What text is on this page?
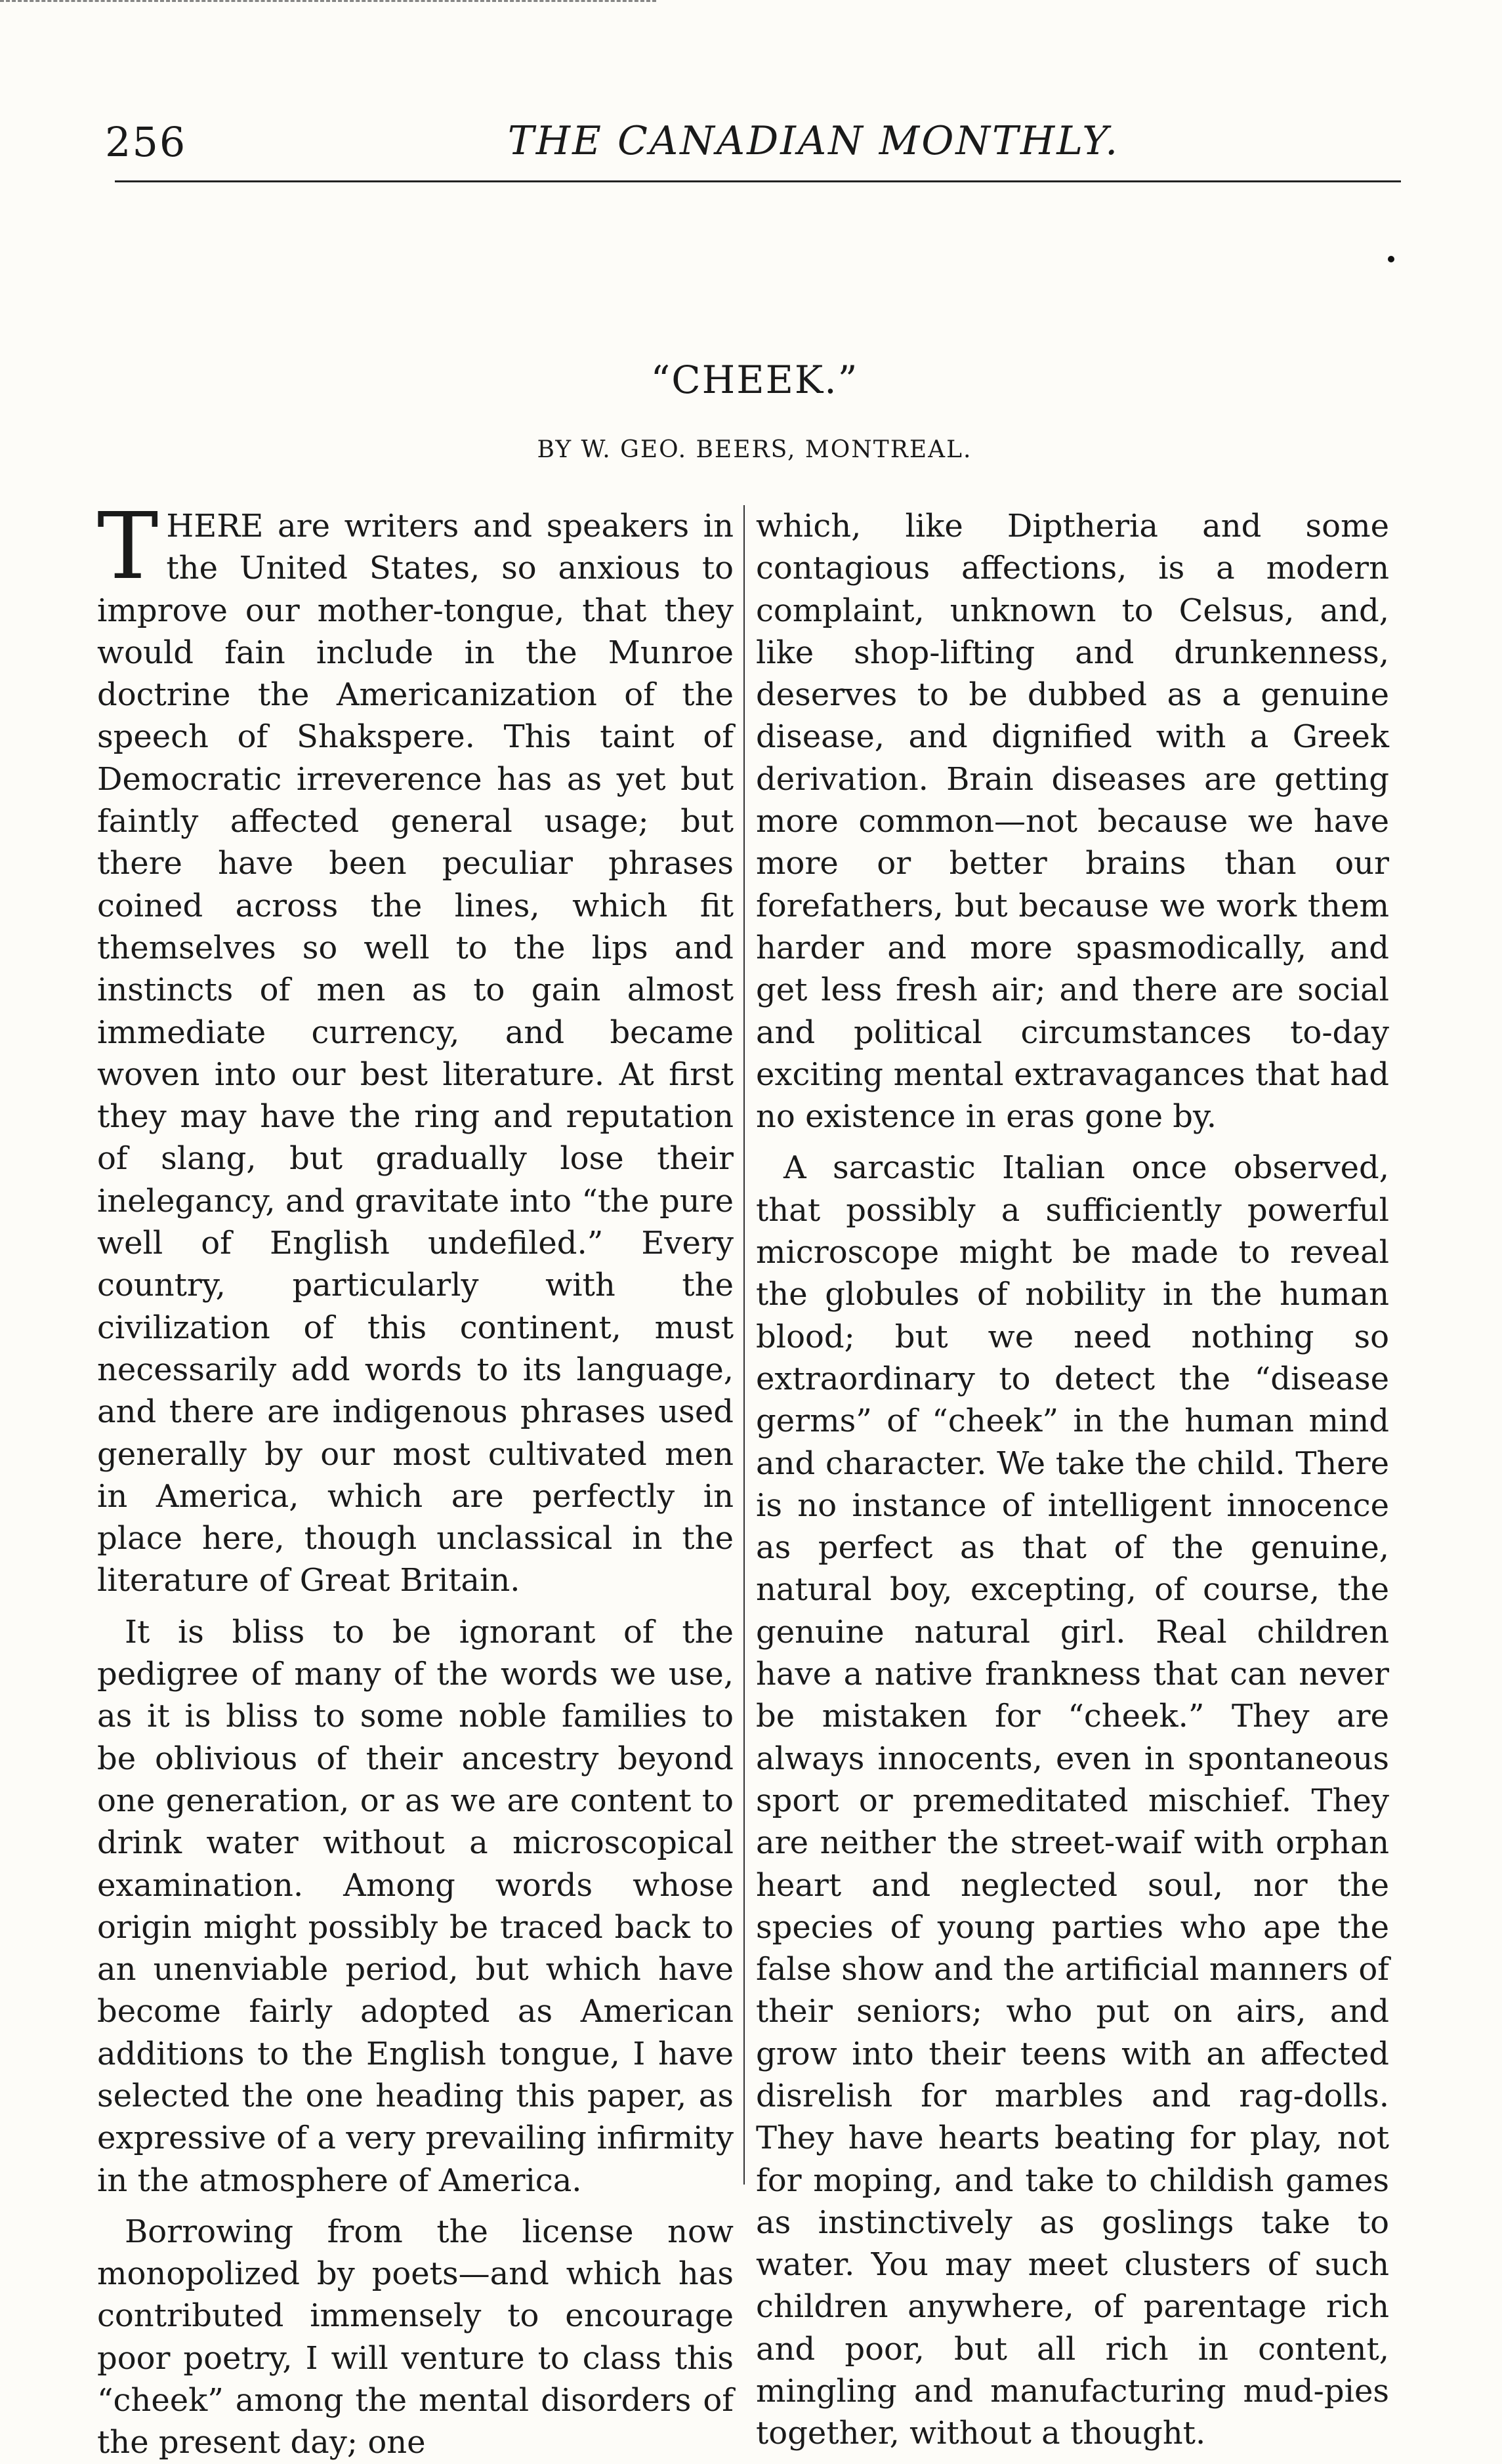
256	THE CANADIAN MONTHLY.
“CHEEK.”
BY W. GEO. BEERS, MONTREAL.

T HERE are writers and speakers in the United States, so anxious to improve our mother-tongue, that they would fain include in the Munroe doctrine the Americanization of the speech of Shakspere. This taint of Democratic irreverence has as yet but faintly affected general usage; but there have been peculiar phrases coined across the lines, which fit themselves so well to the lips and instincts of men as to gain almost immediate currency, and became woven into our best literature. At first they may have the ring and reputation of slang, but gradually lose their inelegancy, and gravitate into “the pure well of English undefiled.” Every country, particularly with the civilization of this continent, must necessarily add words to its language, and there are indigenous phrases used generally by our most cultivated men in America, which are perfectly in place here, though unclassical in the literature of Great Britain.

It is bliss to be ignorant of the pedigree of many of the words we use, as it is bliss to some noble families to be oblivious of their ancestry beyond one generation, or as we are content to drink water without a microscopical examination. Among words whose origin might possibly be traced back to an unenviable period, but which have become fairly adopted as American additions to the English tongue, I have selected the one heading this paper, as expressive of a very prevailing infirmity in the atmosphere of America.

Borrowing from the license now monopolized by poets—and which has contributed immensely to encourage poor poetry, I will venture to class this “cheek” among the mental disorders of the present day; one

which, like Diptheria and some contagious affections, is a modern complaint, unknown to Celsus, and, like shop-lifting and drunkenness, deserves to be dubbed as a genuine disease, and dignified with a Greek derivation. Brain diseases are getting more common—not because we have more or better brains than our forefathers, but because we work them harder and more spasmodically, and get less fresh air; and there are social and political circumstances to-day exciting mental extravagances that had no existence in eras gone by.

A sarcastic Italian once observed, that possibly a sufficiently powerful microscope might be made to reveal the globules of nobility in the human blood; but we need nothing so extraordinary to detect the “disease germs” of “cheek” in the human mind and character. We take the child. There is no instance of intelligent innocence as perfect as that of the genuine, natural boy, excepting, of course, the genuine natural girl. Real children have a native frankness that can never be mistaken for “cheek.” They are always innocents, even in spontaneous sport or premeditated mischief. They are neither the street-waif with orphan heart and neglected soul, nor the species of young parties who ape the false show and the artificial manners of their seniors; who put on airs, and grow into their teens with an affected disrelish for marbles and rag-dolls. They have hearts beating for play, not for moping, and take to childish games as instinctively as goslings take to water. You may meet clusters of such children anywhere, of parentage rich and poor, but all rich in content, mingling and manufacturing mud-pies together, without a thought.
